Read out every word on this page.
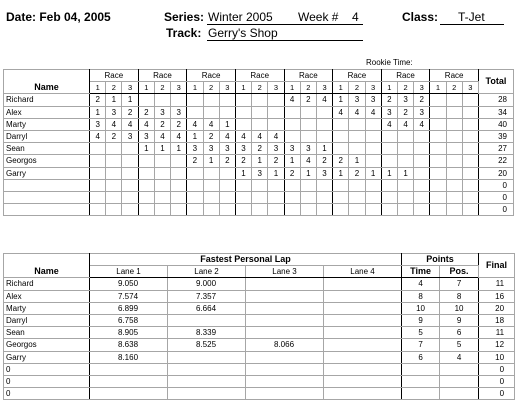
Date: Feb 04, 2005	Series: Winter 2005 Week # 4	Class: T-Jet
Track: Gerry's Shop
Rookie Time:
Name	Race			Race			Race			Race			Race			Race			Race			Race			Total
	1	2	3	1	2	3	1	2	3	1	2	3	1	2	3	1	2	3	1	2	3	1	2	3	
Richard	2	1	1										4	2	4	1	3	3	2	3	2				28
Alex	1	3	2	2	3	3										4	4	4	3	2	3				34
Marty	3	4	4	4	2	2	4	4	1										4	4	4				40
Darryl	4	2	3	3	4	4	1	2	4	4	4	4													39
Sean				1	1	1	3	3	3	3	2	3	3	3	1										27
Georgos							2	1	2	2	1	2	1	4	2	2	1								22
Garry										1	3	1	2	1	3	1	2	1	1	1					20
																									0
																									0
																									0
Name	Fastest Personal Lap				Points		Final
	Lane 1	Lane 2	Lane 3	Lane 4	Time	Pos.	
Richard	9.050	9.000			4	7	11
Alex	7.574	7.357			8	8	16
Marty	6.899	6.664			10	10	20
Darryl	6.758				9	9	18
Sean	8.905	8.339			5	6	11
Georgos	8.638	8.525	8.066		7	5	12
Garry	8.160				6	4	10
0							0
0							0
0							0
